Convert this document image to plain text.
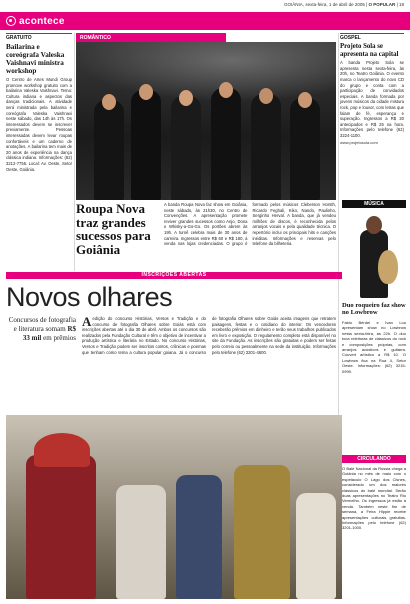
GOIÂNIA, sexta-feira, 1 de abril de 2005 | O POPULAR | 19
acontece
GRATUITO
Bailarina e coreógrafa Valeska Vaishnavi ministra workshop
O Centro de Artes Mundi Group promove workshop gratuito com a bailarina Valeska Vaishnavi. Tema: Cultura indiana e aspectos das danças tradicionais. A atividade será ministrada pela bailarina e coreógrafa Valeska Vaishnavi neste sábado, das 14h às 17h. Os interessados devem se inscrever previamente. Pessoas interessadas devem levar roupas confortáveis e um caderno de anotações. A bailarina tem mais de 20 anos de experiência na dança clássica indiana. Informações: (62) 3212-7755. Local: Av. Oeste, Setor Oeste, Goiânia.
ROMÂNTICO
Roupa Nova traz grandes sucessos para Goiânia
A banda Roupa Nova faz show em Goiânia, neste sábado, às 21h30, no Centro de Convenções. A apresentação promete reviver grandes sucessos como Anjo, Dona e Whisky-a-Go-Go. Os portões abrem às 19h. A turnê celebra mais de 30 anos de carreira. Ingressos entre R$ 60 e R$ 180, à venda nas lojas credenciadas. O grupo é formado pelos músicos Cleberson Horsth, Ricardo Feghali, Kiko, Nando, Paulinho, Serginho Herval. A banda, que já vendeu milhões de discos, é reconhecida pelos arranjos vocais e pela qualidade técnica. O repertório inclui os principais hits e canções inéditas. Informações e reservas pelo telefone da bilheteria.
GOSPEL
Projeto Sola se apresenta na capital
A banda Projeto Sola se apresenta nesta sexta-feira, às 20h, no Teatro Goiânia. O evento marca o lançamento do novo CD do grupo e conta com a participação de convidados especiais. A banda formada por jovens músicos da cidade mistura rock, pop e louvor, com letras que falam de fé, esperança e superação. Ingressos a R$ 20 antecipados e R$ 25 na hora. Informações pelo telefone (62) 3224-1100.
www.projetosola.com
MÚSICA
Duo roqueiro faz show no Lowbrow
Fabio Bérdel e Ivan Lou apresentam show no Lowbrow nesta sexta-feira, às 22h. O duo toca releituras de clássicos do rock e composições próprias, com arranjos acústicos e guitarra. Couvert artístico a R$ 10. O Lowbrow fica na Rua 4, Setor Oeste. Informações: (62) 3215-0999.
CIRCULANDO
O Balé Nacional da Rússia chega a Goiânia no mês de maio com o espetáculo O Lago dos Cisnes, considerado um dos maiores clássicos do balé mundial. Serão duas apresentações no Teatro Rio Vermelho. Os ingressos já estão à venda. Também neste fim de semana, a Feira Hippie recebe apresentações culturais gratuitas. Informações pelo telefone (62) 3201-1000.
INSCRIÇÕES ABERTAS
Novos olhares
Concursos de fotografia e literatura somam R$ 33 mil em prêmios
A edição do concurso Histórias, Versos e Tradição e do concurso de fotografia Olhares sobre Goiás está com inscrições abertas até o dia 30 de abril. Ambos os concursos são realizados pela Fundação Cultural e têm o objetivo de incentivar a produção artística e literária no Estado. No concurso Histórias, Versos e Tradição podem ser inscritos contos, crônicas e poemas que tenham como tema a cultura popular goiana. Já o concurso de fotografia Olhares sobre Goiás aceita imagens que retratem paisagens, festas e o cotidiano do interior. Os vencedores receberão prêmios em dinheiro e terão seus trabalhos publicados em livro e exposição. O regulamento completo está disponível no site da Fundação. As inscrições são gratuitas e podem ser feitas pelo correio ou pessoalmente na sede da instituição. Informações pelo telefone (62) 3201-4600.
